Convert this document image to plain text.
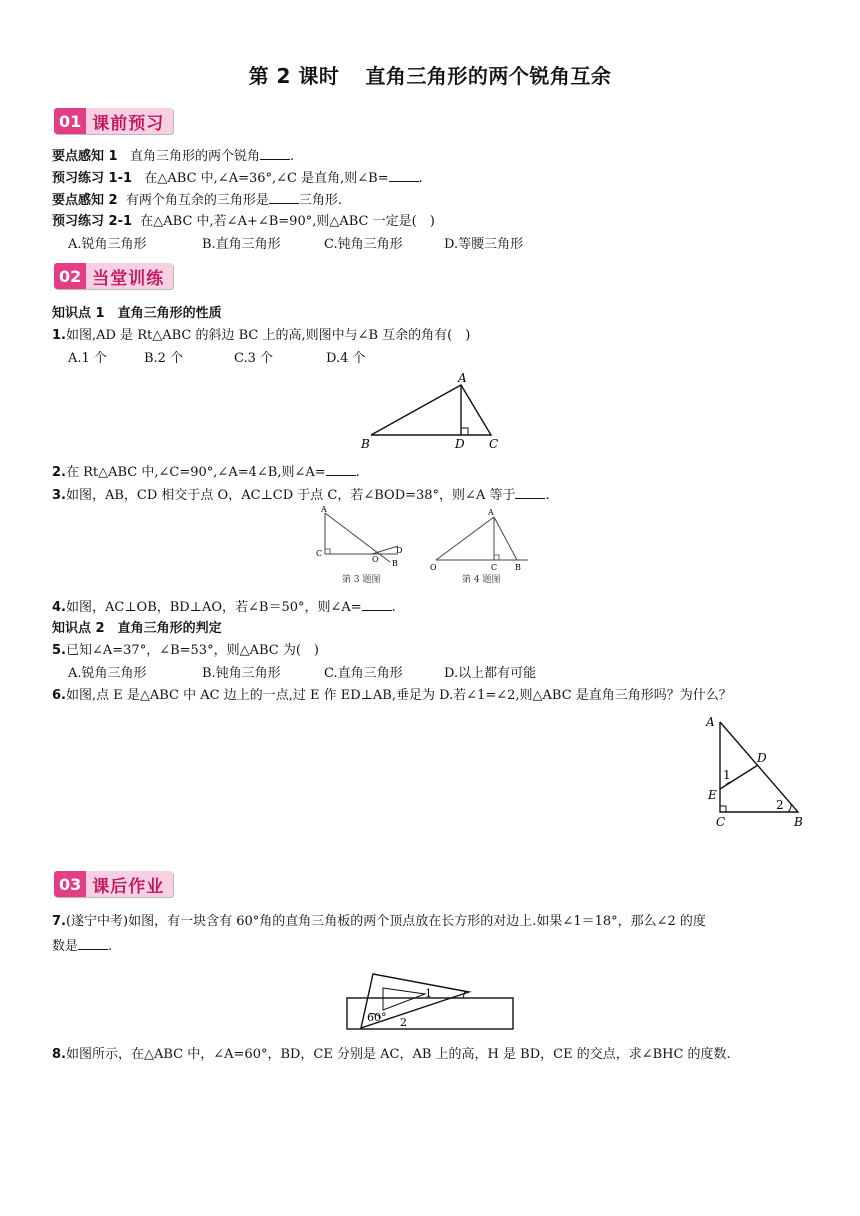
第 2 课时 直角三角形的两个锐角互余
01 课前预习
要点感知 1 直角三角形的两个锐角 .
预习练习 1-1 在△ABC 中,∠A=36°,∠C 是直角,则∠B= .
要点感知 2 有两个角互余的三角形是 三角形.
预习练习 2-1 在△ABC 中,若∠A+∠B=90°,则△ABC 一定是(　)
A.锐角三角形	B.直角三角形	C.钝角三角形	D.等腰三角形
02 当堂训练
知识点 1　直角三角形的性质
1.如图,AD 是 Rt△ABC 的斜边 BC 上的高,则图中与∠B 互余的角有(　)
A.1 个	B.2 个	C.3 个	D.4 个
A
B	D C
2.在 Rt△ABC 中,∠C=90°,∠A=4∠B,则∠A= .
3.如图，AB，CD 相交于点 O，AC⊥CD 于点 C，若∠BOD=38°，则∠A 等于 .
A
C
O
D
B
第 3 题图
A
O	C B
第 4 题图
4.如图，AC⊥OB，BD⊥AO，若∠B＝50°，则∠A= .
知识点 2　直角三角形的判定
5.已知∠A=37°，∠B=53°，则△ABC 为(　)
A.锐角三角形	B.钝角三角形	C.直角三角形	D.以上都有可能
6.如图,点 E 是△ABC 中 AC 边上的一点,过 E 作 ED⊥AB,垂足为 D.若∠1=∠2,则△ABC 是直角三角形吗？为什么？
A
D
1
E
2
C	B
03 课后作业
7.(遂宁中考)如图，有一块含有 60°角的直角三角板的两个顶点放在长方形的对边上.如果∠1＝18°，那么∠2 的度
数是 .
1
60° 2
8.如图所示，在△ABC 中，∠A=60°，BD，CE 分别是 AC，AB 上的高，H 是 BD，CE 的交点，求∠BHC 的度数.
